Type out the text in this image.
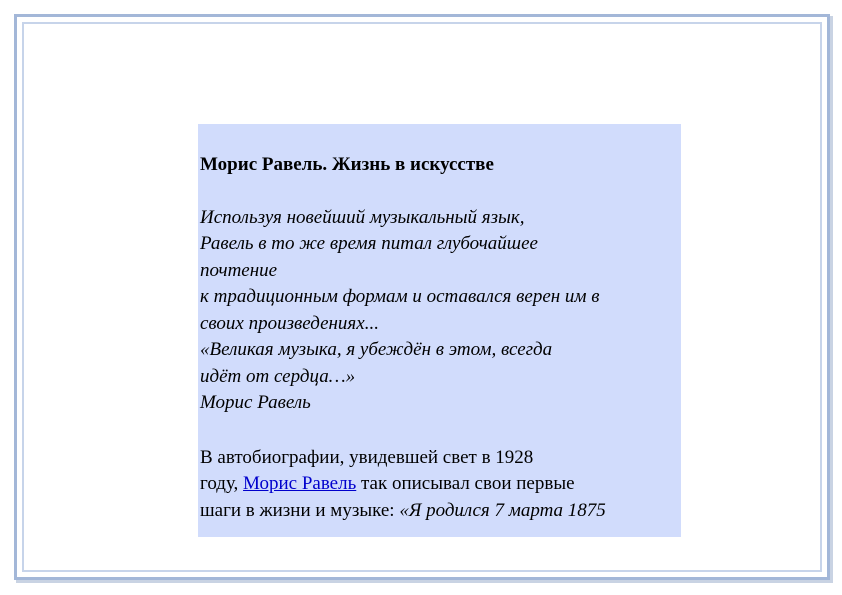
Морис Равель. Жизнь в искусстве

Используя новейший музыкальный язык,

Равель в то же время питал глубочайшее

почтение

к традиционным формам и оставался верен им в

своих произведениях...

«Великая музыка, я убеждён в этом, всегда

идёт от сердца…»

Морис Равель

В автобиографии, увидевшей свет в 1928

году, Морис Равель так описывал свои первые

шаги в жизни и музыке: «Я родился 7 марта 1875
